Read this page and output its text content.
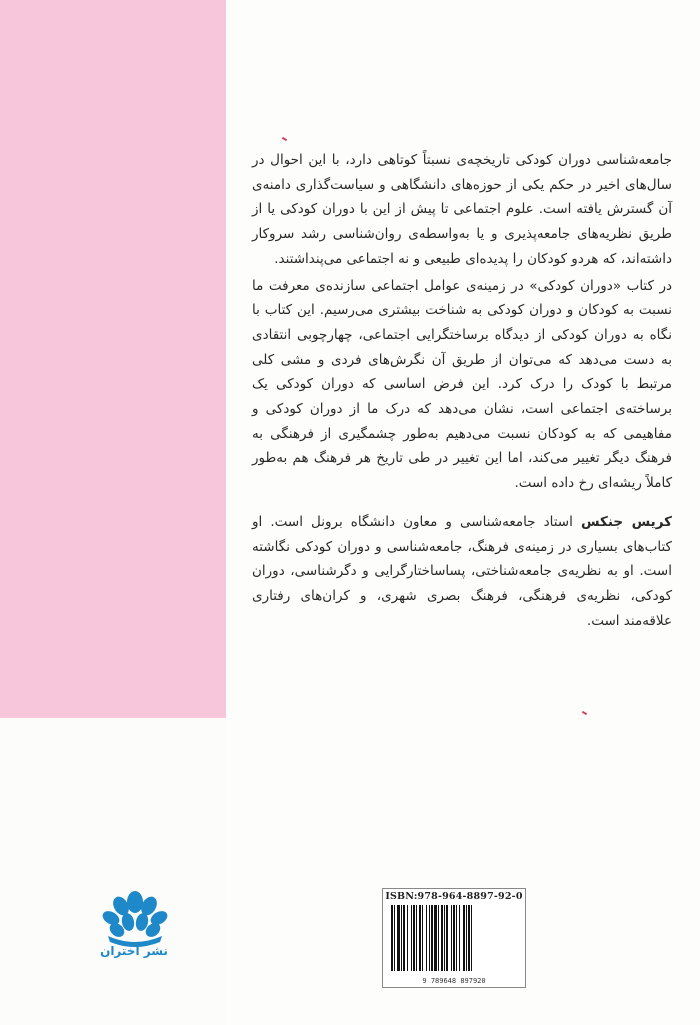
جامعه‌شناسی دوران کودکی تاریخچه‌ی نسبتاً کوتاهی دارد، با این احوال در سال‌های اخیر در حکم یکی از حوزه‌های دانشگاهی و سیاست‌گذاری دامنه‌ی آن گسترش یافته است. علوم اجتماعی تا پیش از این با دوران کودکی یا از طریق نظریه‌های جامعه‌پذیری و یا به‌واسطه‌ی روان‌شناسی رشد سروکار داشته‌اند، که هردو کودکان را پدیده‌ای طبیعی و نه اجتماعی می‌پنداشتند.

در کتاب «دوران کودکی» در زمینه‌ی عوامل اجتماعی سازنده‌ی معرفت ما نسبت به کودکان و دوران کودکی به شناخت بیشتری می‌رسیم. این کتاب با نگاه به دوران کودکی از دیدگاه برساختگرایی اجتماعی، چهارچوبی انتقادی به دست می‌دهد که می‌توان از طریق آن نگرش‌های فردی و مشی کلی مرتبط با کودک را درک کرد. این فرض اساسی که دوران کودکی یک برساخته‌ی اجتماعی است، نشان می‌دهد که درک ما از دوران کودکی و مفاهیمی که به کودکان نسبت می‌دهیم به‌طور چشمگیری از فرهنگی به فرهنگ دیگر تغییر می‌کند، اما این تغییر در طی تاریخ هر فرهنگ هم به‌طور کاملاً ریشه‌ای رخ داده است.

کریس جنکس استاد جامعه‌شناسی و معاون دانشگاه برونل است. او کتاب‌های بسیاری در زمینه‌ی فرهنگ، جامعه‌شناسی و دوران کودکی نگاشته است. او به نظریه‌ی جامعه‌شناختی، پسا‌ساختارگرایی و دگرشناسی، دوران کودکی، نظریه‌ی فرهنگی، فرهنگ بصری شهری، و کران‌های رفتاری علاقه‌مند است.

ISBN:978-964-8897-92-0
9 789648 897920
نشر اختران
